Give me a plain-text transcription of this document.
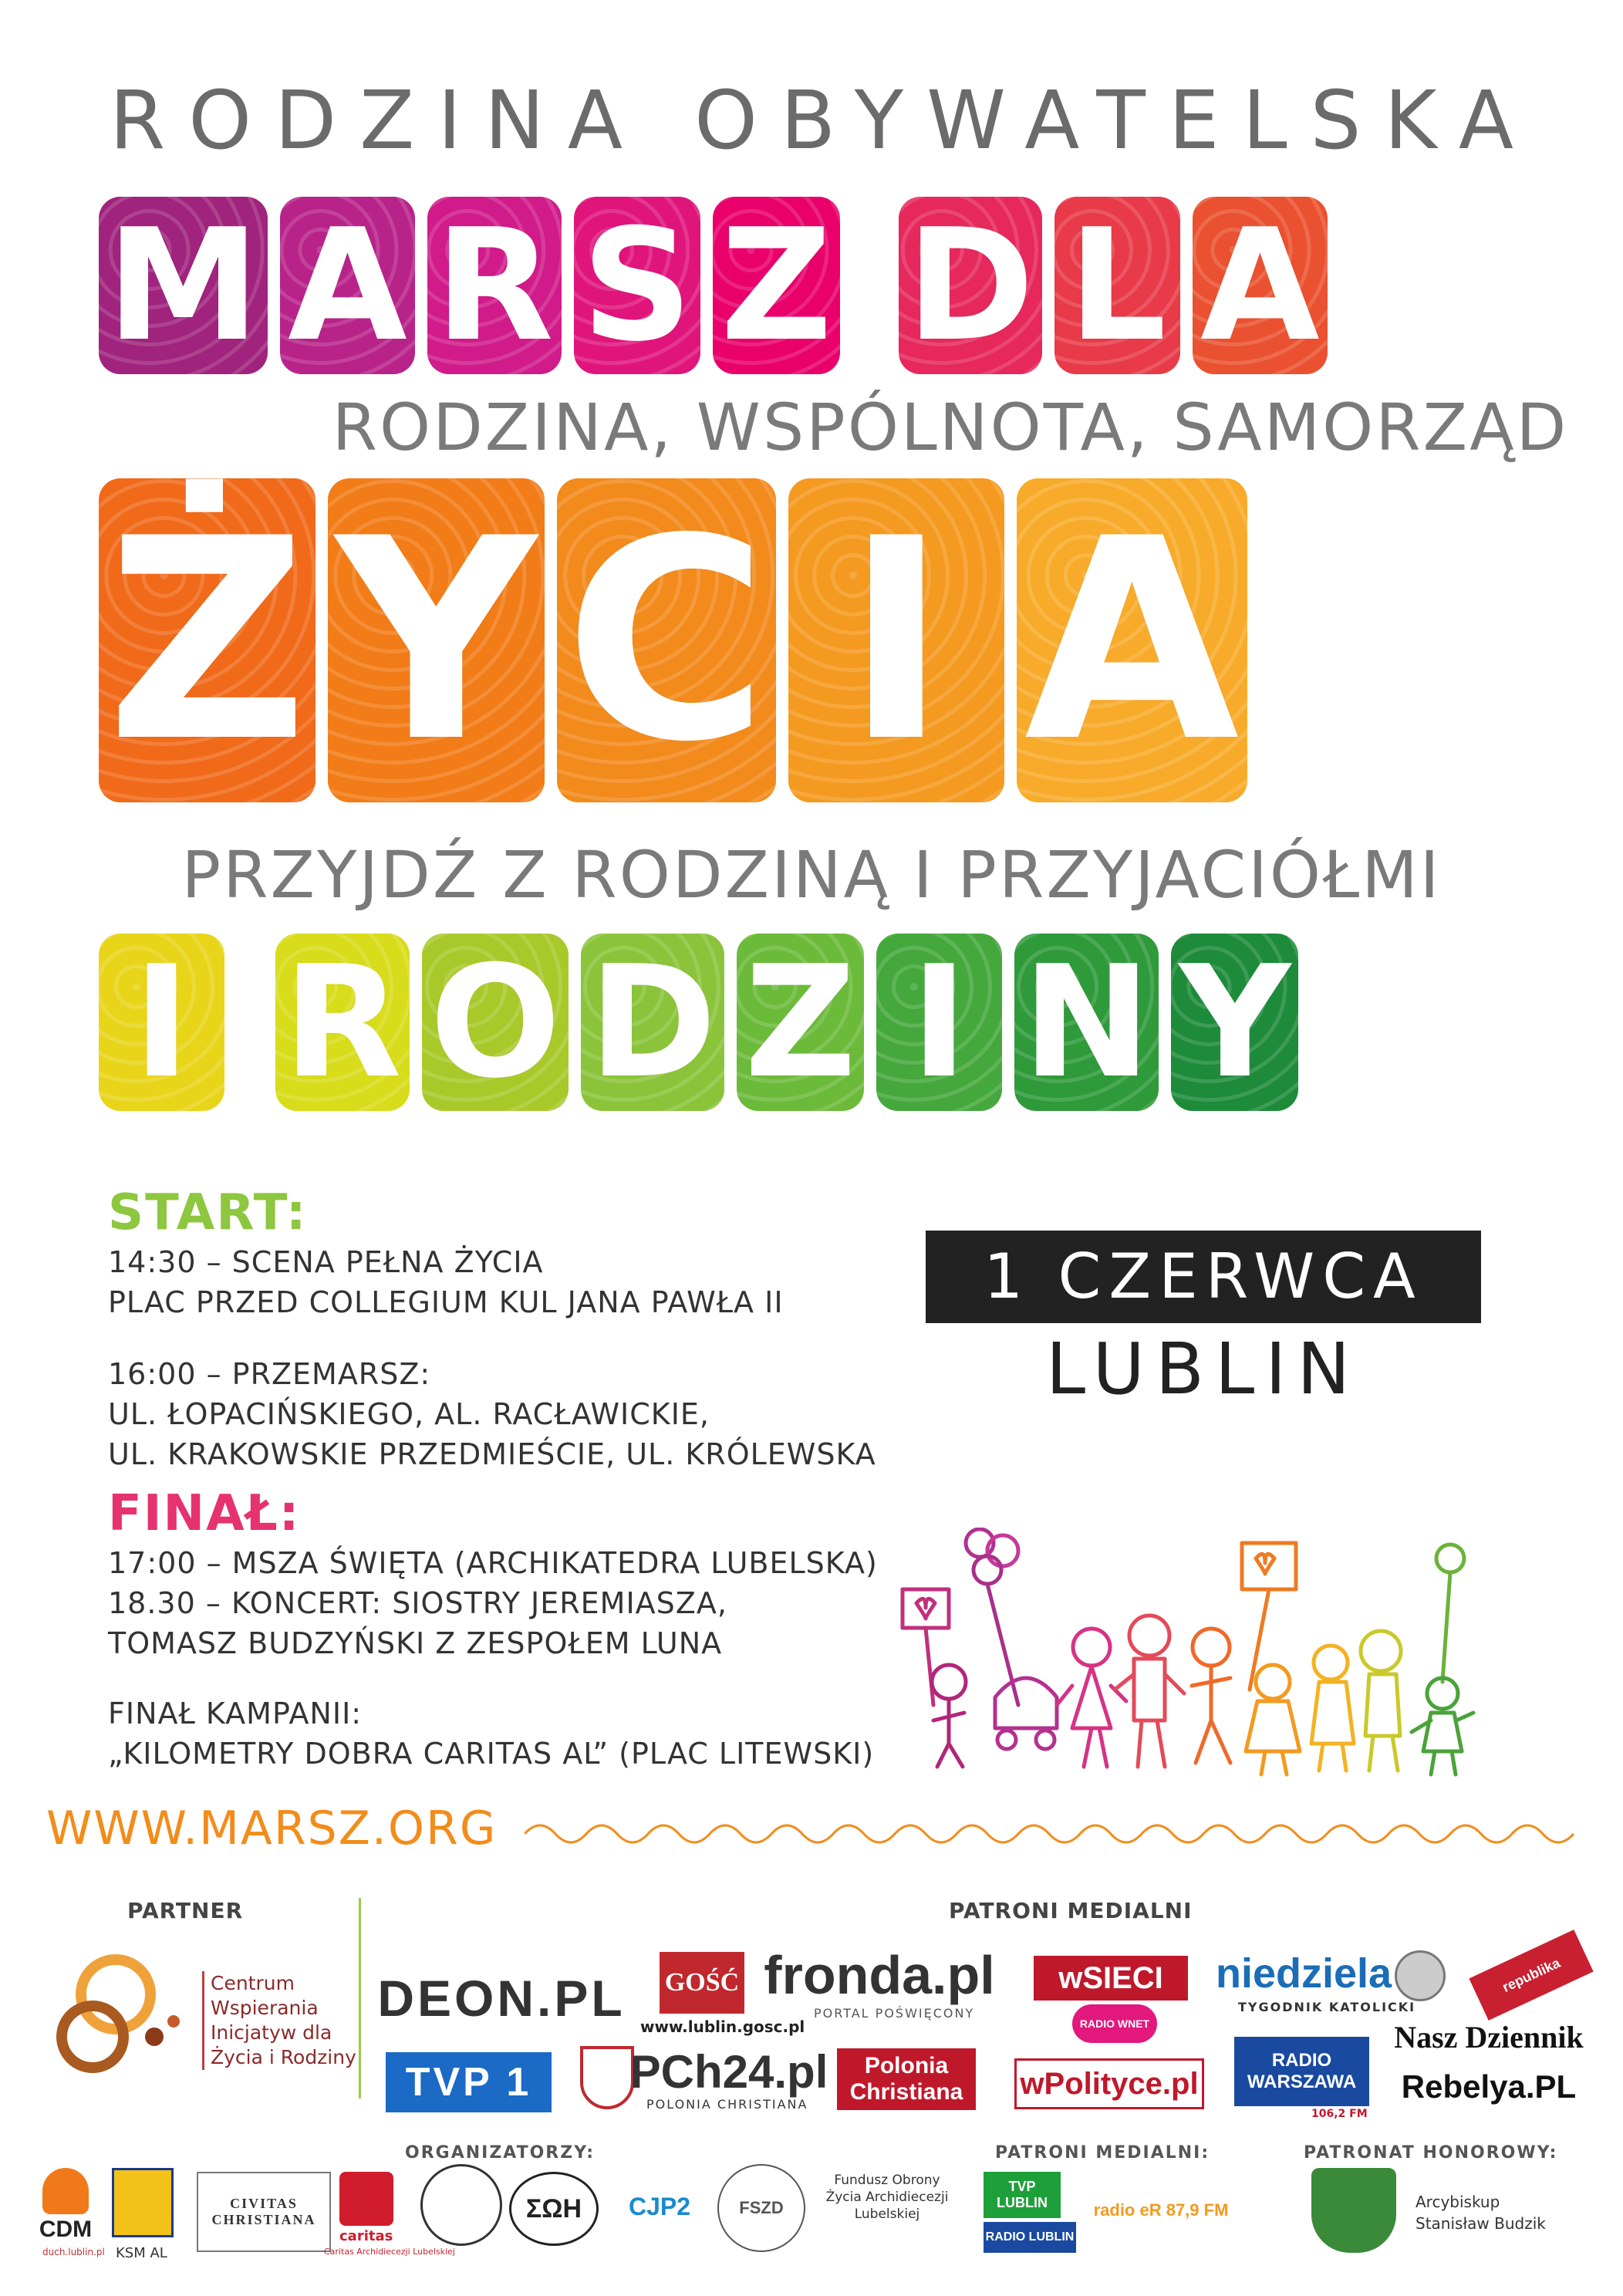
RODZINA OBYWATELSKA
M A R S Z D L A
RODZINA, WSPÓLNOTA, SAMORZĄD
Ż Y C I A
PRZYJDŹ Z RODZINĄ I PRZYJACIÓŁMI
I R O D Z I N Y
START:
14:30 – SCENA PEŁNA ŻYCIA
PLAC PRZED COLLEGIUM KUL JANA PAWŁA II
16:00 – PRZEMARSZ:
UL. ŁOPACIŃSKIEGO, AL. RACŁAWICKIE,
UL. KRAKOWSKIE PRZEDMIEŚCIE, UL. KRÓLEWSKA
FINAŁ:
17:00 – MSZA ŚWIĘTA (ARCHIKATEDRA LUBELSKA)
18.30 – KONCERT: SIOSTRY JEREMIASZA,
TOMASZ BUDZYŃSKI Z ZESPOŁEM LUNA
FINAŁ KAMPANII:
„KILOMETRY DOBRA CARITAS AL” (PLAC LITEWSKI)
1 CZERWCA
LUBLIN
WWW.MARSZ.ORG
PARTNER
Centrum Wspierania Inicjatyw dla Życia i Rodziny
PATRONI MEDIALNI
DEON.PL GOŚĆ
www.lublin.gosc.pl
fronda.pl
PORTAL POŚWIĘCONY
wSIECI
RADIO WNET
niedziela
TYGODNIK KATOLICKI
republika
TVP 1	PCh24.pl
POLONIA CHRISTIANA
Polonia Christiana	wPolityce.pl
RADIO WARSZAWA
106,2 FM
Nasz Dziennik
Rebelya.PL
ORGANIZATORZY:	PATRONI MEDIALNI:	PATRONAT HONOROWY:
CDM
duch.lublin.pl KSM AL
CIVITAS CHRISTIANA
caritas
Caritas Archidiecezji Lubelskiej
ΣΩΗ	CJP2	FSZD
Fundusz Obrony Życia Archidiecezji Lubelskiej
TVP LUBLIN
RADIO LUBLIN
radio eR 87,9 FM	Arcybiskup Stanisław Budzik
